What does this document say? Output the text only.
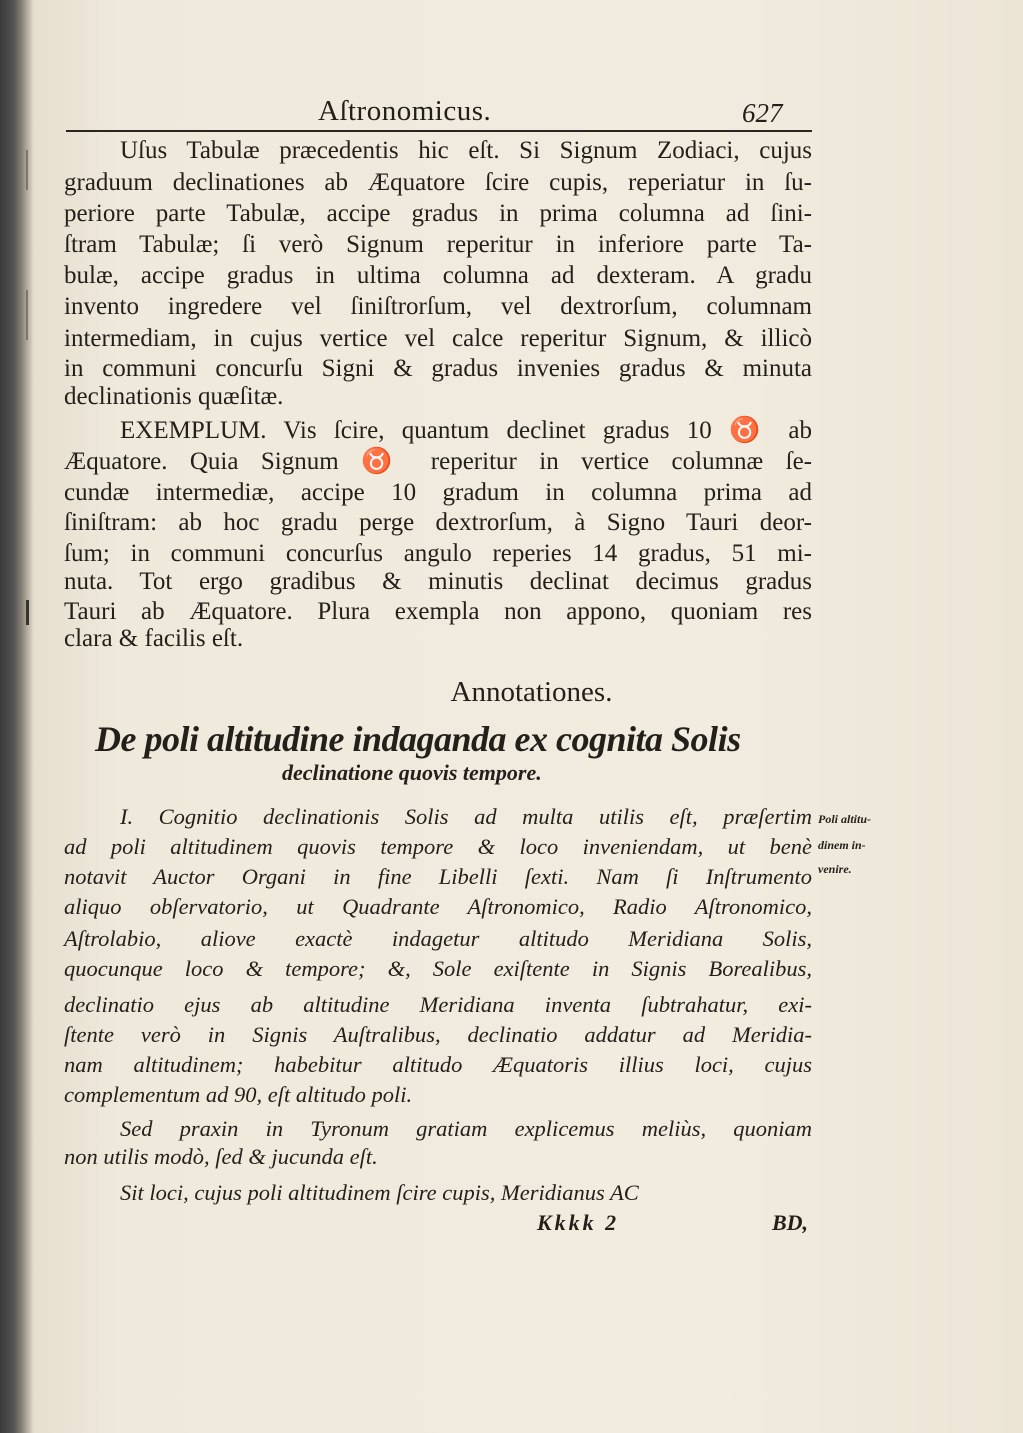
Aſtronomicus.	627
Uſus Tabulæ præcedentis hic eſt. Si Signum Zodiaci, cujus
graduum declinationes ab Æquatore ſcire cupis, reperiatur in ſu-
periore parte Tabulæ, accipe gradus in prima columna ad ſini-
ſtram Tabulæ; ſi verò Signum reperitur in inferiore parte Ta-
bulæ, accipe gradus in ultima columna ad dexteram. A gradu
invento ingredere vel ſiniſtrorſum, vel dextrorſum, columnam
intermediam, in cujus vertice vel calce reperitur Signum, & illicò
in communi concurſu Signi & gradus invenies gradus & minuta
declinationis quæſitæ.
EXEMPLUM. Vis ſcire, quantum declinet gradus 10 ♉ ab
Æquatore. Quia Signum ♉ reperitur in vertice columnæ ſe-
cundæ intermediæ, accipe 10 gradum in columna prima ad
ſiniſtram: ab hoc gradu perge dextrorſum, à Signo Tauri deor-
ſum; in communi concurſus angulo reperies 14 gradus, 51 mi-
nuta. Tot ergo gradibus & minutis declinat decimus gradus
Tauri ab Æquatore. Plura exempla non appono, quoniam res
clara & facilis eſt.
I. Cognitio declinationis Solis ad multa utilis eſt, præſertim
ad poli altitudinem quovis tempore & loco inveniendam, ut benè
notavit Auctor Organi in fine Libelli ſexti. Nam ſi Inſtrumento
aliquo obſervatorio, ut Quadrante Aſtronomico, Radio Aſtronomico,
Aſtrolabio, aliove exactè indagetur altitudo Meridiana Solis,
quocunque loco & tempore; &, Sole exiſtente in Signis Borealibus,
declinatio ejus ab altitudine Meridiana inventa ſubtrahatur, exi-
ſtente verò in Signis Auſtralibus, declinatio addatur ad Meridia-
nam altitudinem; habebitur altitudo Æquatoris illius loci, cujus
complementum ad 90, eſt altitudo poli.
Sed praxin in Tyronum gratiam explicemus meliùs, quoniam
non utilis modò, ſed & jucunda eſt.
Sit loci, cujus poli altitudinem ſcire cupis, Meridianus AC
Annotationes.
De poli altitudine indaganda ex cognita Solis
declinatione quovis tempore.
Poli altitu-
dinem in-
venire.
Kkkk 2	BD,
